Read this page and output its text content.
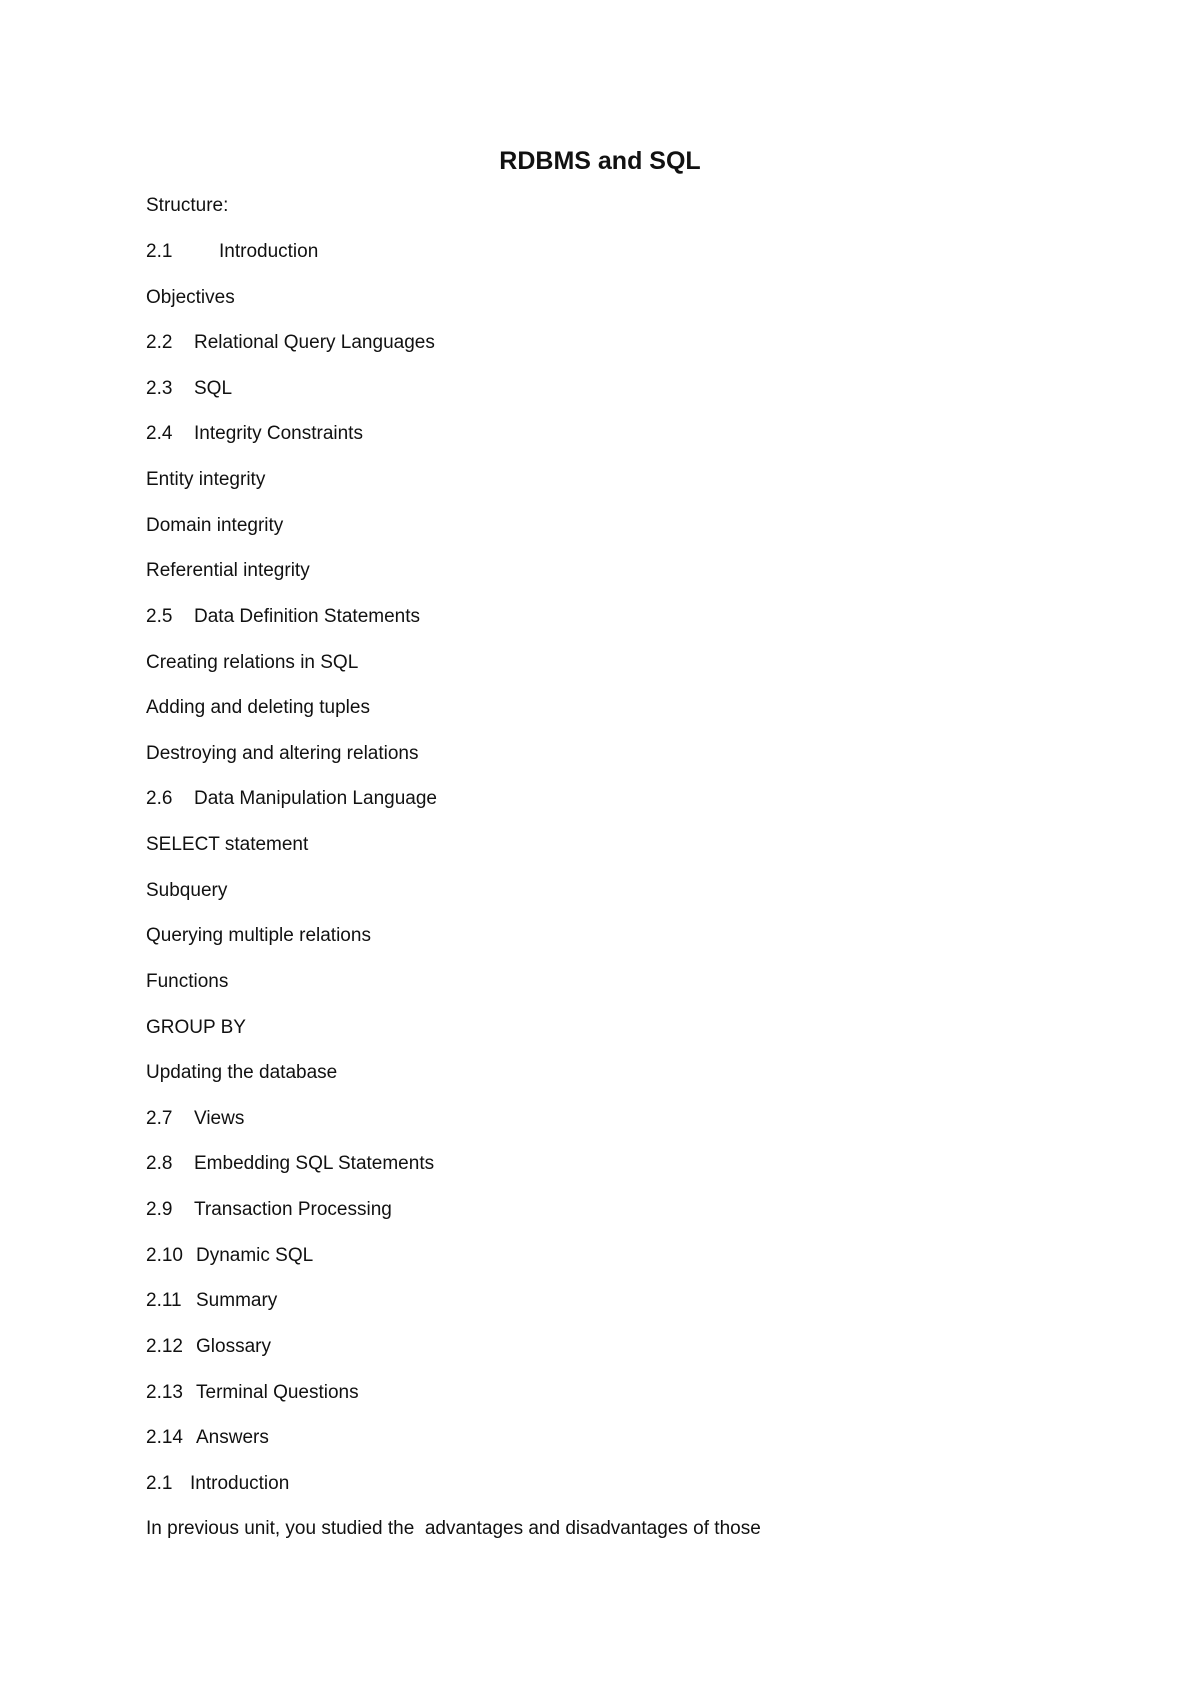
RDBMS and SQL
Structure:
2.1 Introduction
Objectives
2.2 Relational Query Languages
2.3 SQL
2.4 Integrity Constraints
Entity integrity
Domain integrity
Referential integrity
2.5 Data Definition Statements
Creating relations in SQL
Adding and deleting tuples
Destroying and altering relations
2.6 Data Manipulation Language
SELECT statement
Subquery
Querying multiple relations
Functions
GROUP BY
Updating the database
2.7 Views
2.8 Embedding SQL Statements
2.9 Transaction Processing
2.10 Dynamic SQL
2.11 Summary
2.12 Glossary
2.13 Terminal Questions
2.14 Answers
2.1 Introduction
In previous unit, you studied the  advantages and disadvantages of those
